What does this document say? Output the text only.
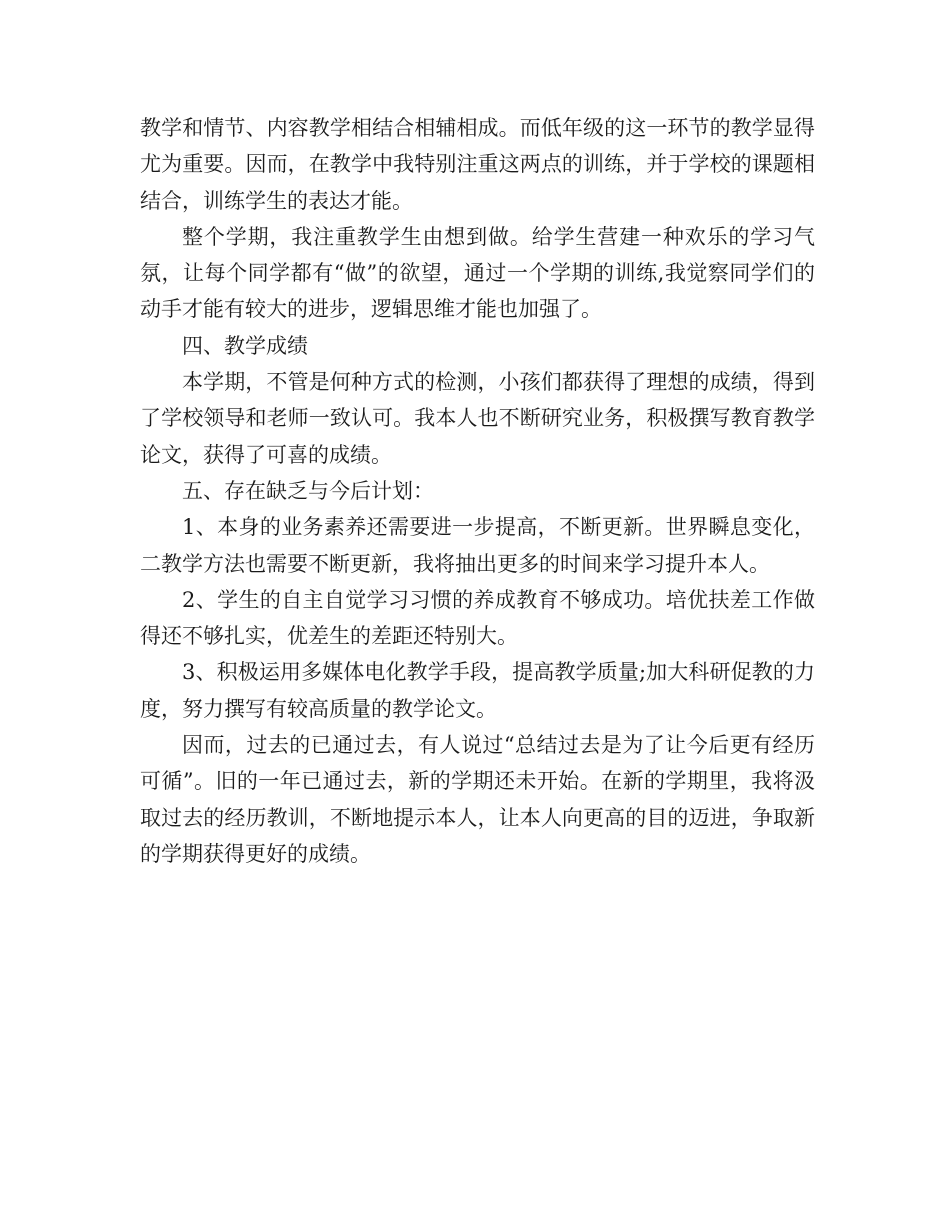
教学和情节、内容教学相结合相辅相成。而低年级的这一环节的教学显得尤为重要。因而，在教学中我特别注重这两点的训练，并于学校的课题相结合，训练学生的表达才能。

整个学期，我注重教学生由想到做。给学生营建一种欢乐的学习气氛，让每个同学都有“做”的欲望，通过一个学期的训练,我觉察同学们的动手才能有较大的进步，逻辑思维才能也加强了。

四、教学成绩

本学期，不管是何种方式的检测，小孩们都获得了理想的成绩，得到了学校领导和老师一致认可。我本人也不断研究业务，积极撰写教育教学论文，获得了可喜的成绩。

五、存在缺乏与今后计划：

1、本身的业务素养还需要进一步提高，不断更新。世界瞬息变化，二教学方法也需要不断更新，我将抽出更多的时间来学习提升本人。

2、学生的自主自觉学习习惯的养成教育不够成功。培优扶差工作做得还不够扎实，优差生的差距还特别大。

3、积极运用多媒体电化教学手段，提高教学质量;加大科研促教的力度，努力撰写有较高质量的教学论文。

因而，过去的已通过去，有人说过“总结过去是为了让今后更有经历可循”。旧的一年已通过去，新的学期还未开始。在新的学期里，我将汲取过去的经历教训，不断地提示本人，让本人向更高的目的迈进，争取新的学期获得更好的成绩。
